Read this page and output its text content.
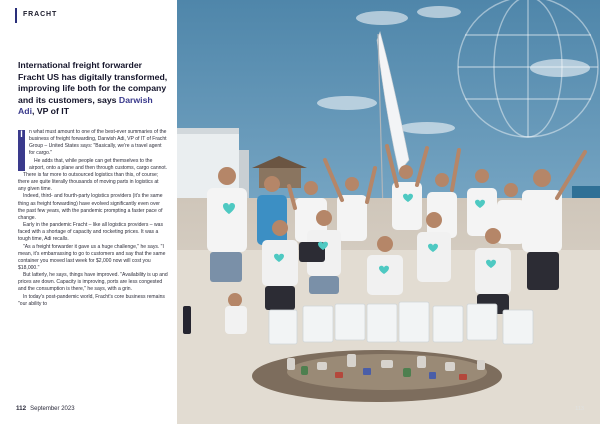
FRACHT
International freight forwarder Fracht US has digitally transformed, improving life both for the company and its customers, says Darwish Adi, VP of IT
I	n what must amount to one of the best-ever summaries of the business of freight forwarding, Darwish Adi, VP of IT of Fracht Group – United States says: "Basically, we're a travel agent for cargo."

He adds that, while people can get themselves to the airport, onto a plane and then through customs, cargo cannot.

There is far more to outsourced logistics than this, of course; there are quite literally thousands of moving parts in logistics at any given time.

Indeed, third- and fourth-party logistics providers (it's the same thing as freight forwarding) have evolved significantly even over the past few years, with the pandemic prompting a faster pace of change.

Early in the pandemic Fracht – like all logistics providers – was faced with a shortage of capacity and rocketing prices. It was a tough time, Adi recalls.

"As a freight forwarder it gave us a huge challenge," he says. "I mean, it's embarrassing to go to customers and say that the same container you moved last week for $2,000 now will cost you $18,000."

But latterly, he says, things have improved. "Availability is up and prices are down. Capacity is improving, ports are less congested and the consumption is there," he says, with a grin.

In today's post-pandemic world, Fracht's core business remains "our ability to

112 September 2023	113
